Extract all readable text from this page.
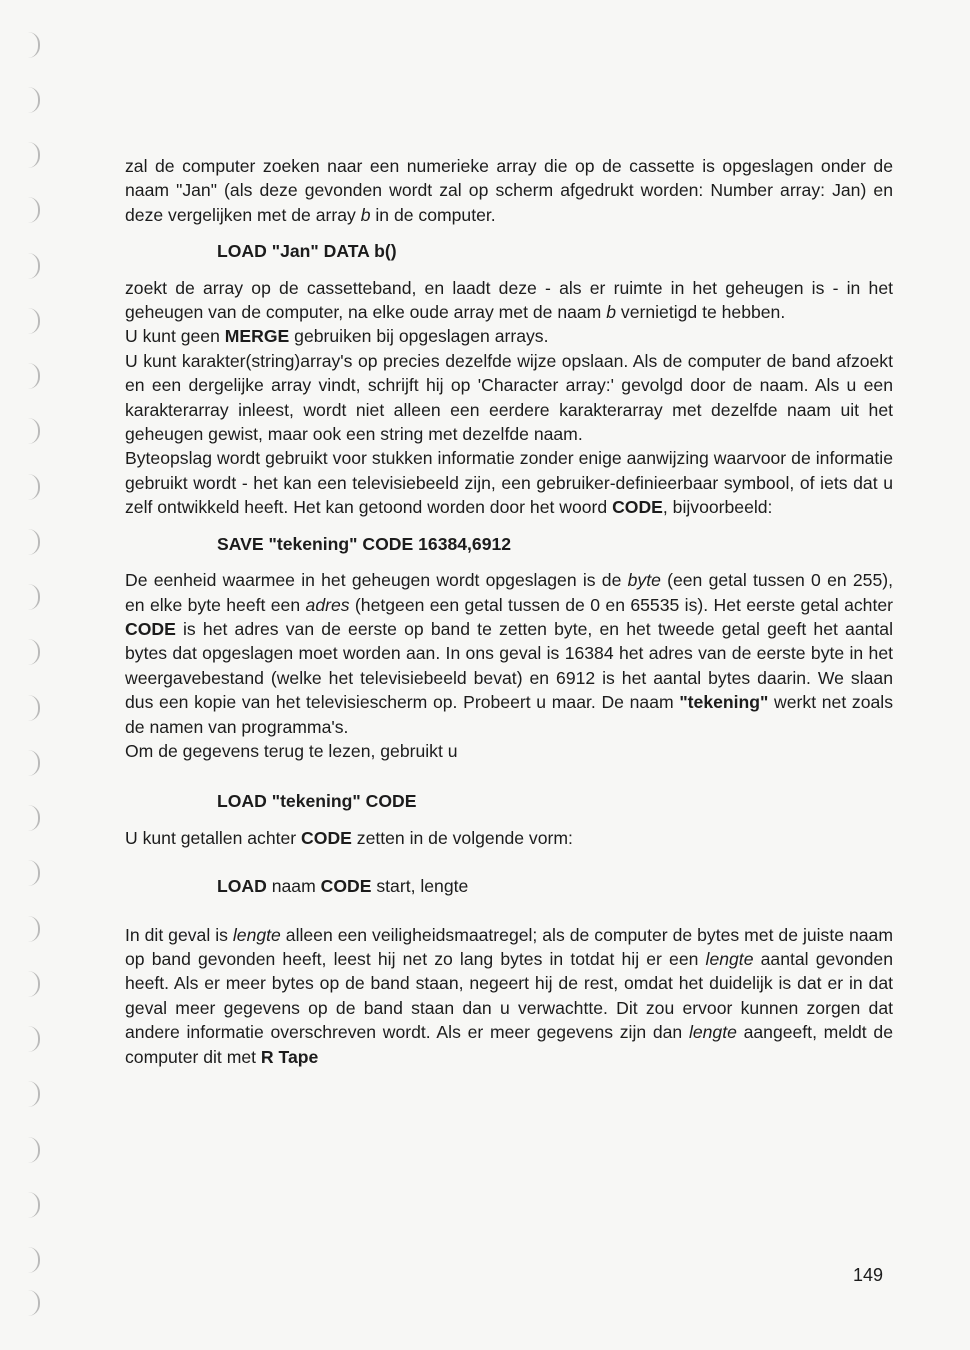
zal de computer zoeken naar een numerieke array die op de cassette is opgeslagen onder de naam "Jan" (als deze gevonden wordt zal op scherm afgedrukt worden: Number array: Jan) en deze vergelijken met de array b in de computer.

LOAD "Jan" DATA b()

zoekt de array op de cassetteband, en laadt deze - als er ruimte in het geheugen is - in het geheugen van de computer, na elke oude array met de naam b vernietigd te hebben.

U kunt geen MERGE gebruiken bij opgeslagen arrays.

U kunt karakter(string)array's op precies dezelfde wijze opslaan. Als de computer de band afzoekt en een dergelijke array vindt, schrijft hij op 'Character array:' gevolgd door de naam. Als u een karakterarray inleest, wordt niet alleen een eerdere karakterarray met dezelfde naam uit het geheugen gewist, maar ook een string met dezelfde naam.

Byteopslag wordt gebruikt voor stukken informatie zonder enige aanwijzing waarvoor de informatie gebruikt wordt - het kan een televisiebeeld zijn, een gebruiker-definieerbaar symbool, of iets dat u zelf ontwikkeld heeft. Het kan getoond worden door het woord CODE, bijvoorbeeld:

SAVE "tekening" CODE 16384,6912

De eenheid waarmee in het geheugen wordt opgeslagen is de byte (een getal tussen 0 en 255), en elke byte heeft een adres (hetgeen een getal tussen de 0 en 65535 is). Het eerste getal achter CODE is het adres van de eerste op band te zetten byte, en het tweede getal geeft het aantal bytes dat opgeslagen moet worden aan. In ons geval is 16384 het adres van de eerste byte in het weergavebestand (welke het televisiebeeld bevat) en 6912 is het aantal bytes daarin. We slaan dus een kopie van het televisiescherm op. Probeert u maar. De naam "tekening" werkt net zoals de namen van programma's.

Om de gegevens terug te lezen, gebruikt u

LOAD "tekening" CODE

U kunt getallen achter CODE zetten in de volgende vorm:

LOAD naam CODE start, lengte

In dit geval is lengte alleen een veiligheidsmaatregel; als de computer de bytes met de juiste naam op band gevonden heeft, leest hij net zo lang bytes in totdat hij er een lengte aantal gevonden heeft. Als er meer bytes op de band staan, negeert hij de rest, omdat het duidelijk is dat er in dat geval meer gegevens op de band staan dan u verwachtte. Dit zou ervoor kunnen zorgen dat andere informatie overschreven wordt. Als er meer gegevens zijn dan lengte aangeeft, meldt de computer dit met R Tape

149
